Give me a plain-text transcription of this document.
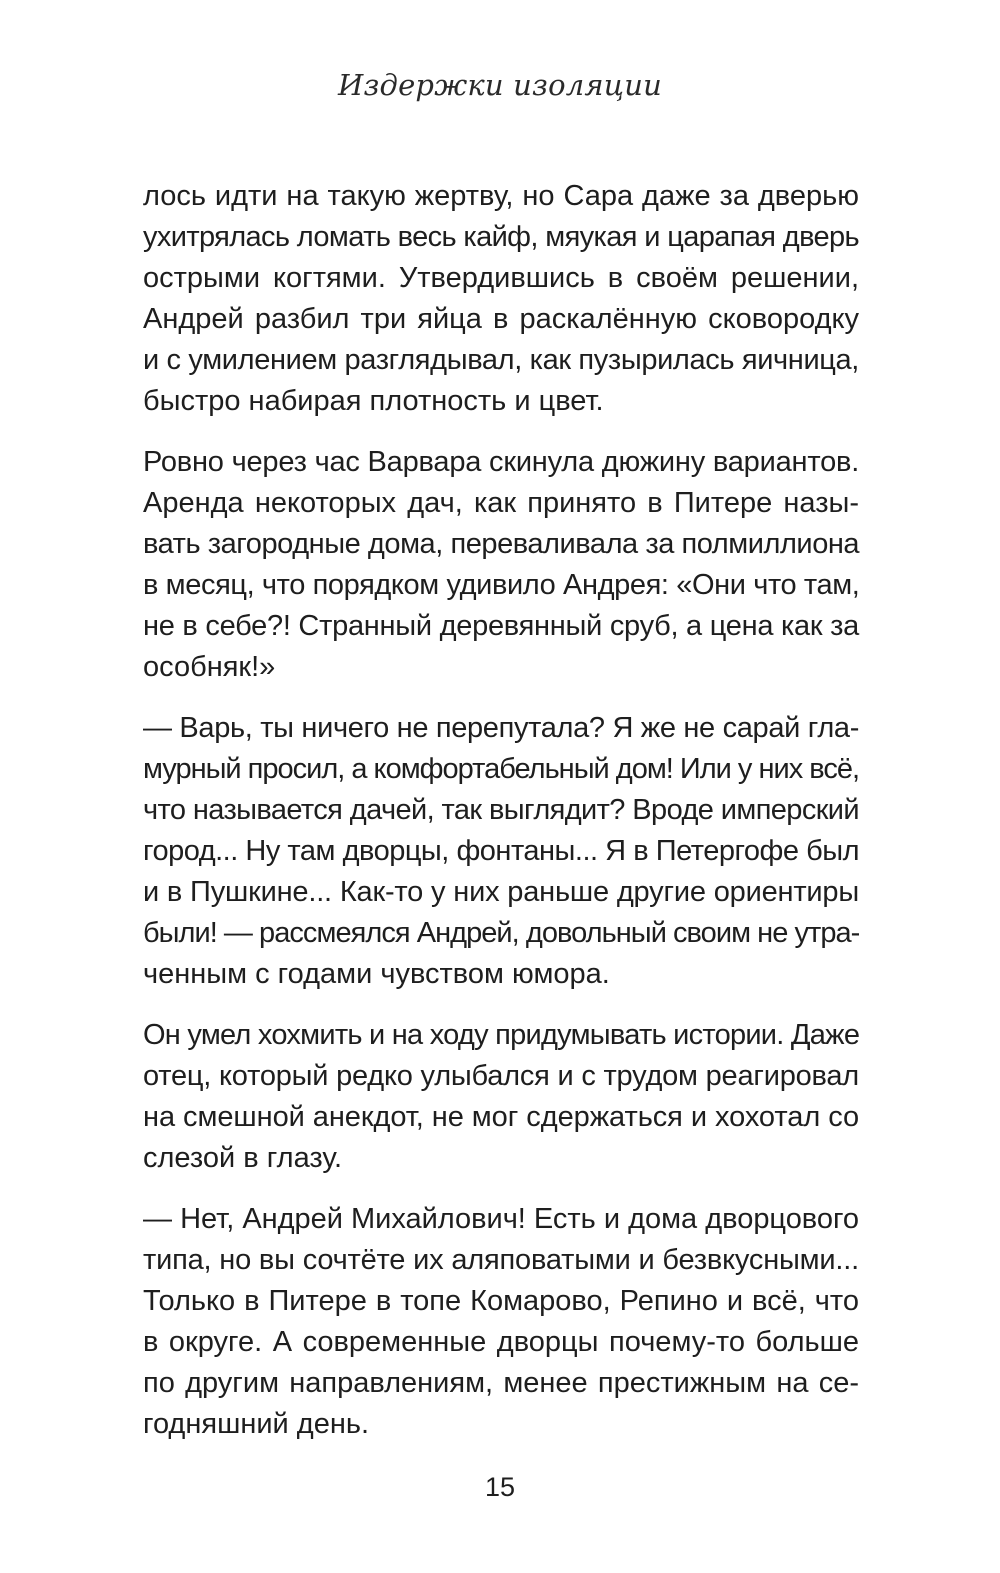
Издержки изоляции
лось идти на такую жертву, но Сара даже за дверью
ухитрялась ломать весь кайф, мяукая и царапая дверь
острыми когтями. Утвердившись в своём решении,
Андрей разбил три яйца в раскалённую сковородку
и с умилением разглядывал, как пузырилась яичница,
быстро набирая плотность и цвет.
Ровно через час Варвара скинула дюжину вариантов.
Аренда некоторых дач, как принято в Питере назы-
вать загородные дома, переваливала за полмиллиона
в месяц, что порядком удивило Андрея: «Они что там,
не в себе?! Странный деревянный сруб, а цена как за
особняк!»
— Варь, ты ничего не перепутала? Я же не сарай гла-
мурный просил, а комфортабельный дом! Или у них всё,
что называется дачей, так выглядит? Вроде имперский
город... Ну там дворцы, фонтаны... Я в Петергофе был
и в Пушкине... Как-то у них раньше другие ориентиры
были! — рассмеялся Андрей, довольный своим не утра-
ченным с годами чувством юмора.
Он умел хохмить и на ходу придумывать истории. Даже
отец, который редко улыбался и с трудом реагировал
на смешной анекдот, не мог сдержаться и хохотал со
слезой в глазу.
— Нет, Андрей Михайлович! Есть и дома дворцового
типа, но вы сочтёте их аляповатыми и безвкусными...
Только в Питере в топе Комарово, Репино и всё, что
в округе. А современные дворцы почему-то больше
по другим направлениям, менее престижным на се-
годняшний день.
15
